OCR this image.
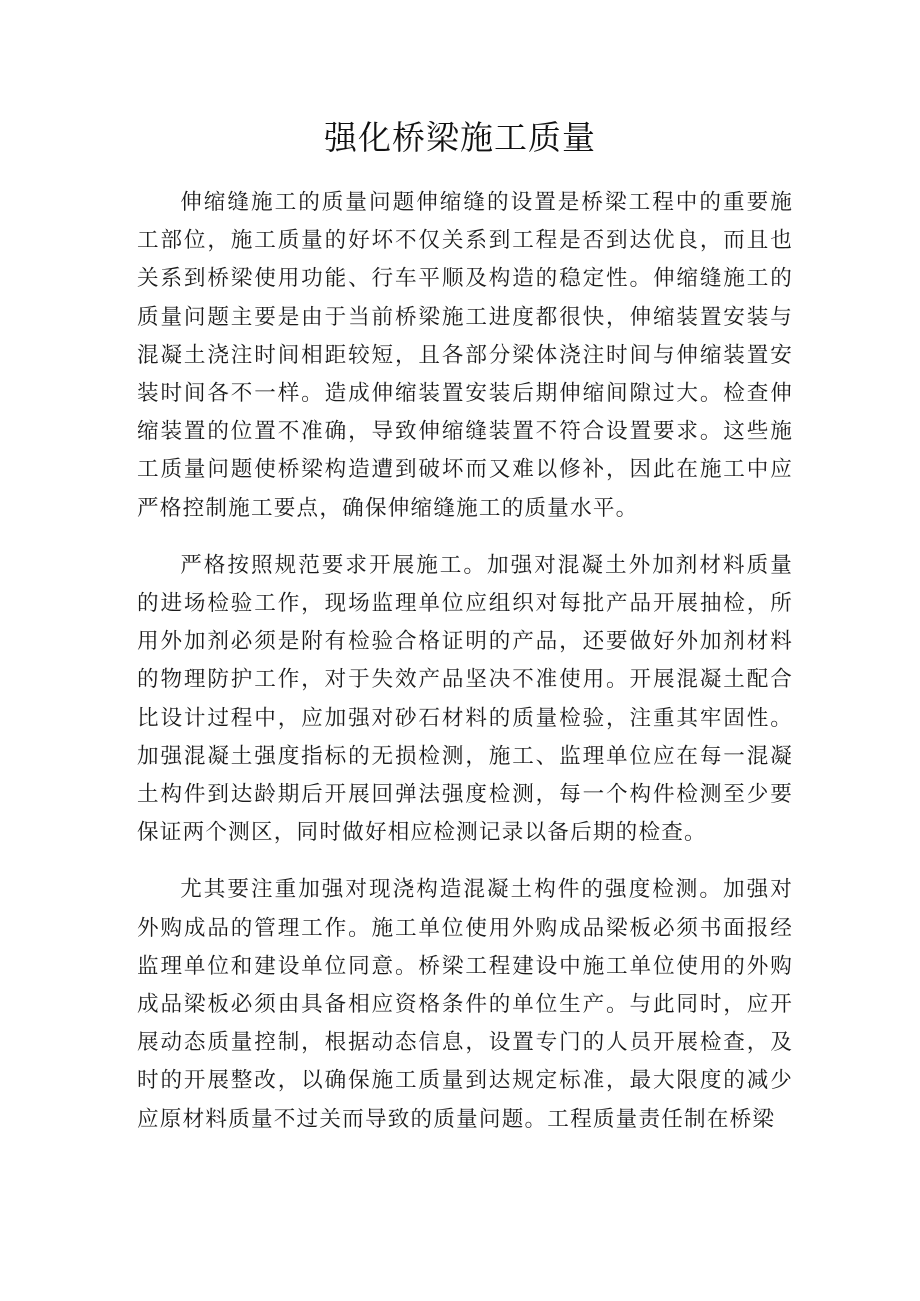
强化桥梁施工质量

伸缩缝施工的质量问题伸缩缝的设置是桥梁工程中的重要施工部位，施工质量的好坏不仅关系到工程是否到达优良，而且也关系到桥梁使用功能、行车平顺及构造的稳定性。伸缩缝施工的质量问题主要是由于当前桥梁施工进度都很快，伸缩装置安装与混凝土浇注时间相距较短，且各部分梁体浇注时间与伸缩装置安装时间各不一样。造成伸缩装置安装后期伸缩间隙过大。检查伸缩装置的位置不准确，导致伸缩缝装置不符合设置要求。这些施工质量问题使桥梁构造遭到破坏而又难以修补，因此在施工中应严格控制施工要点，确保伸缩缝施工的质量水平。

严格按照规范要求开展施工。加强对混凝土外加剂材料质量的进场检验工作，现场监理单位应组织对每批产品开展抽检，所用外加剂必须是附有检验合格证明的产品，还要做好外加剂材料的物理防护工作，对于失效产品坚决不准使用。开展混凝土配合比设计过程中，应加强对砂石材料的质量检验，注重其牢固性。加强混凝土强度指标的无损检测，施工、监理单位应在每一混凝土构件到达龄期后开展回弹法强度检测，每一个构件检测至少要保证两个测区，同时做好相应检测记录以备后期的检查。

尤其要注重加强对现浇构造混凝土构件的强度检测。加强对外购成品的管理工作。施工单位使用外购成品梁板必须书面报经监理单位和建设单位同意。桥梁工程建设中施工单位使用的外购成品梁板必须由具备相应资格条件的单位生产。与此同时，应开展动态质量控制，根据动态信息，设置专门的人员开展检查，及时的开展整改，以确保施工质量到达规定标准，最大限度的减少应原材料质量不过关而导致的质量问题。工程质量责任制在桥梁
